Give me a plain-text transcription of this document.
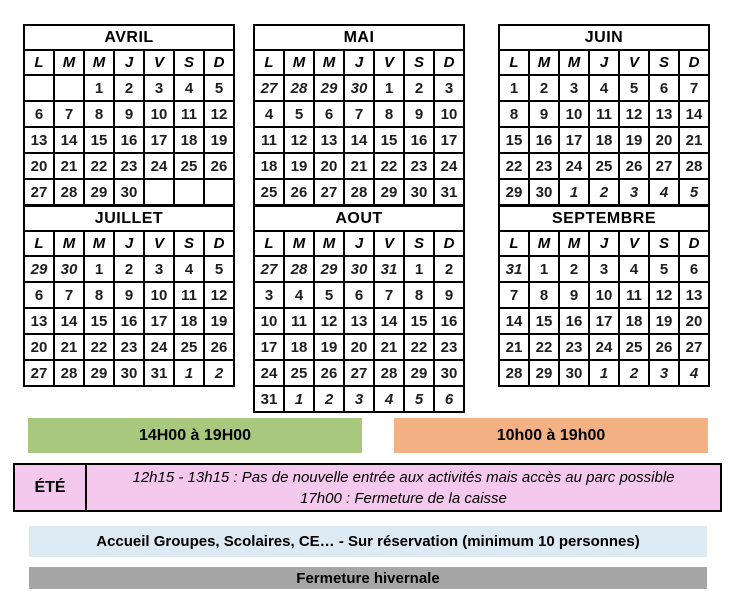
AVRIL						
L	M	M	J	V	S	D
		1	2	3	4	5
6	7	8	9	10	11	12
13	14	15	16	17	18	19
20	21	22	23	24	25	26
27	28	29	30			
MAI						
L	M	M	J	V	S	D
27	28	29	30	1	2	3
4	5	6	7	8	9	10
11	12	13	14	15	16	17
18	19	20	21	22	23	24
25	26	27	28	29	30	31
JUIN						
L	M	M	J	V	S	D
1	2	3	4	5	6	7
8	9	10	11	12	13	14
15	16	17	18	19	20	21
22	23	24	25	26	27	28
29	30	1	2	3	4	5
JUILLET						
L	M	M	J	V	S	D
29	30	1	2	3	4	5
6	7	8	9	10	11	12
13	14	15	16	17	18	19
20	21	22	23	24	25	26
27	28	29	30	31	1	2
AOUT						
L	M	M	J	V	S	D
27	28	29	30	31	1	2
3	4	5	6	7	8	9
10	11	12	13	14	15	16
17	18	19	20	21	22	23
24	25	26	27	28	29	30
31	1	2	3	4	5	6
SEPTEMBRE						
L	M	M	J	V	S	D
31	1	2	3	4	5	6
7	8	9	10	11	12	13
14	15	16	17	18	19	20
21	22	23	24	25	26	27
28	29	30	1	2	3	4
14H00 à 19H00	10h00 à 19h00
ÉTÉ
12h15 - 13h15 : Pas de nouvelle entrée aux activités mais accès au parc possible
17h00 : Fermeture de la caisse
Accueil Groupes, Scolaires, CE… - Sur réservation (minimum 10 personnes)
Fermeture hivernale
